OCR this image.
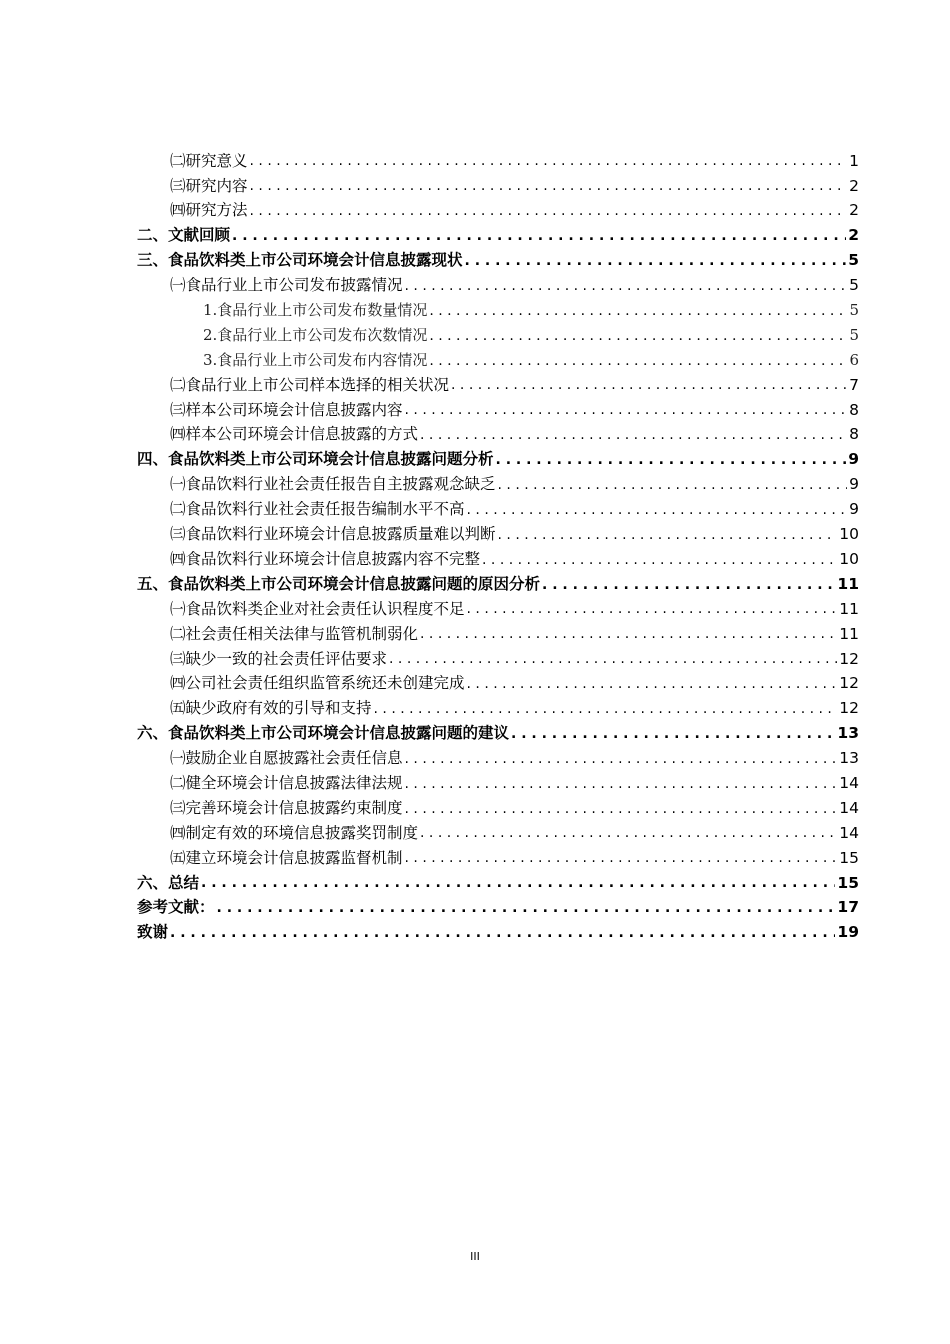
㈡研究意义 . . .	1
㈢研究内容 . . .	2
㈣研究方法 . . .	2
二、文献回顾 . . .	2
三、食品饮料类上市公司环境会计信息披露现状 . . .	5
㈠食品行业上市公司发布披露情况 . . .	5
1.食品行业上市公司发布数量情况 . . .	5
2.食品行业上市公司发布次数情况 . . .	5
3.食品行业上市公司发布内容情况 . . .	6
㈡食品行业上市公司样本选择的相关状况 . . .	7
㈢样本公司环境会计信息披露内容 . . .	8
㈣样本公司环境会计信息披露的方式 . . .	8
四、食品饮料类上市公司环境会计信息披露问题分析 . . .	9
㈠食品饮料行业社会责任报告自主披露观念缺乏 . . .	9
㈡食品饮料行业社会责任报告编制水平不高 . . .	9
㈢食品饮料行业环境会计信息披露质量难以判断 . . .	10
㈣食品饮料行业环境会计信息披露内容不完整 . . .	10
五、食品饮料类上市公司环境会计信息披露问题的原因分析 . . .	11
㈠食品饮料类企业对社会责任认识程度不足 . . .	11
㈡社会责任相关法律与监管机制弱化 . . .	11
㈢缺少一致的社会责任评估要求 . . .	12
㈣公司社会责任组织监管系统还未创建完成 . . .	12
㈤缺少政府有效的引导和支持 . . .	12
六、食品饮料类上市公司环境会计信息披露问题的建议 . . .	13
㈠鼓励企业自愿披露社会责任信息 . . .	13
㈡健全环境会计信息披露法律法规 . . .	14
㈢完善环境会计信息披露约束制度 . . .	14
㈣制定有效的环境信息披露奖罚制度 . . .	14
㈤建立环境会计信息披露监督机制 . . .	15
六、总结 . . .	15
参考文献： . . .	17
致谢 . . .	19
III
